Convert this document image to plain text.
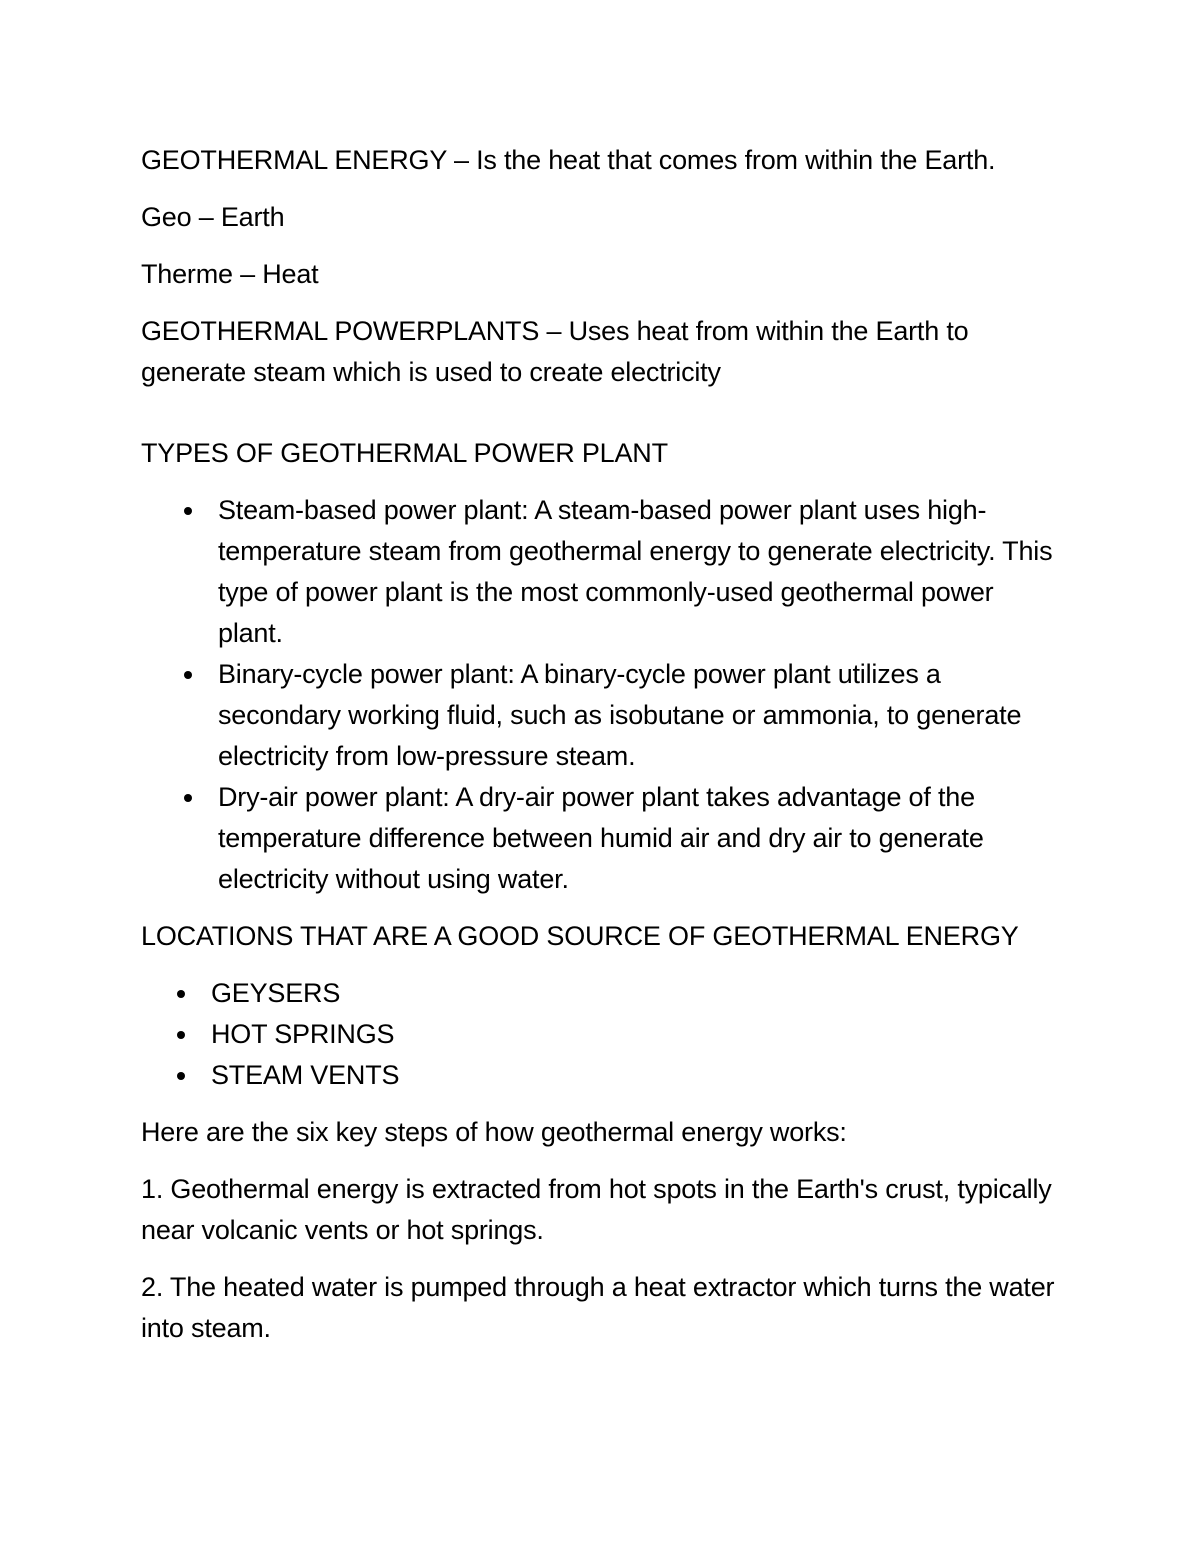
GEOTHERMAL ENERGY – Is the heat that comes from within the Earth.

Geo – Earth

Therme – Heat

GEOTHERMAL POWERPLANTS – Uses heat from within the Earth to generate steam which is used to create electricity

TYPES OF GEOTHERMAL POWER PLANT

Steam-based power plant: A steam-based power plant uses high-temperature steam from geothermal energy to generate electricity. This type of power plant is the most commonly-used geothermal power plant.
Binary-cycle power plant: A binary-cycle power plant utilizes a secondary working fluid, such as isobutane or ammonia, to generate electricity from low-pressure steam.
Dry-air power plant: A dry-air power plant takes advantage of the temperature difference between humid air and dry air to generate electricity without using water.

LOCATIONS THAT ARE A GOOD SOURCE OF GEOTHERMAL ENERGY

GEYSERS
HOT SPRINGS
STEAM VENTS

Here are the six key steps of how geothermal energy works:

1. Geothermal energy is extracted from hot spots in the Earth's crust, typically near volcanic vents or hot springs.

2. The heated water is pumped through a heat extractor which turns the water into steam.
